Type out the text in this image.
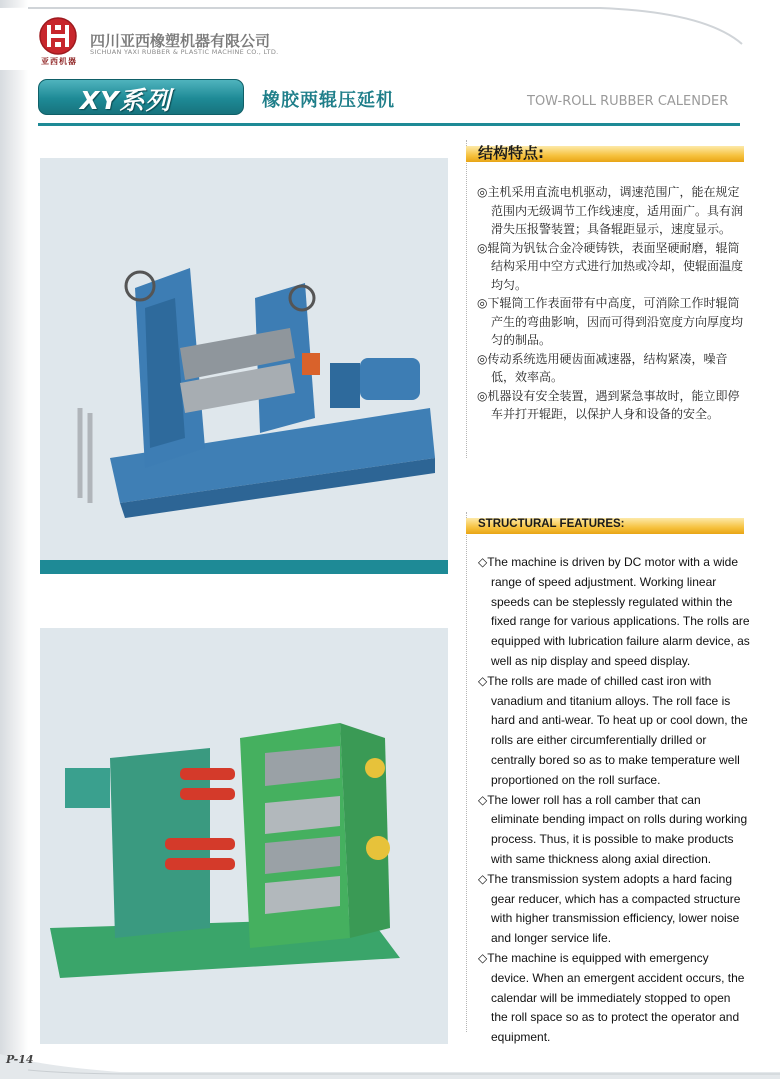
亚西机器
四川亚西橡塑机器有限公司
SICHUAN YAXI RUBBER & PLASTIC MACHINE CO., LTD.
XY系列	橡胶两辊压延机	TOW-ROLL RUBBER CALENDER
结构特点:

◎主机采用直流电机驱动，调速范围广，能在规定范围内无级调节工作线速度，适用面广。具有润滑失压报警装置；具备辊距显示，速度显示。

◎辊筒为钒钛合金冷硬铸铁，表面坚硬耐磨，辊筒结构采用中空方式进行加热或冷却，使辊面温度均匀。

◎下辊筒工作表面带有中高度，可消除工作时辊筒产生的弯曲影响，因而可得到沿宽度方向厚度均匀的制品。

◎传动系统选用硬齿面减速器，结构紧凑，噪音低，效率高。

◎机器设有安全装置，遇到紧急事故时，能立即停车并打开辊距，以保护人身和设备的安全。

STRUCTURAL FEATURES:

◇The machine is driven by DC motor with a wide range of speed adjustment. Working linear speeds can be steplessly regulated within the fixed range for various applications. The rolls are equipped with lubrication failure alarm device, as well as nip display and speed display.

◇The rolls are made of chilled cast iron with vanadium and titanium alloys. The roll face is hard and anti-wear. To heat up or cool down, the rolls are either circumferentially drilled or centrally bored so as to make temperature well proportioned on the roll surface.

◇The lower roll has a roll camber that can eliminate bending impact on rolls during working process. Thus, it is possible to make products with same thickness along axial direction.

◇The transmission system adopts a hard facing gear reducer, which has a compacted structure with higher transmission efficiency, lower noise and longer service life.

◇The machine is equipped with emergency device. When an emergent accident occurs, the calendar will be immediately stopped to open the roll space so as to protect the operator and equipment.

P-14
